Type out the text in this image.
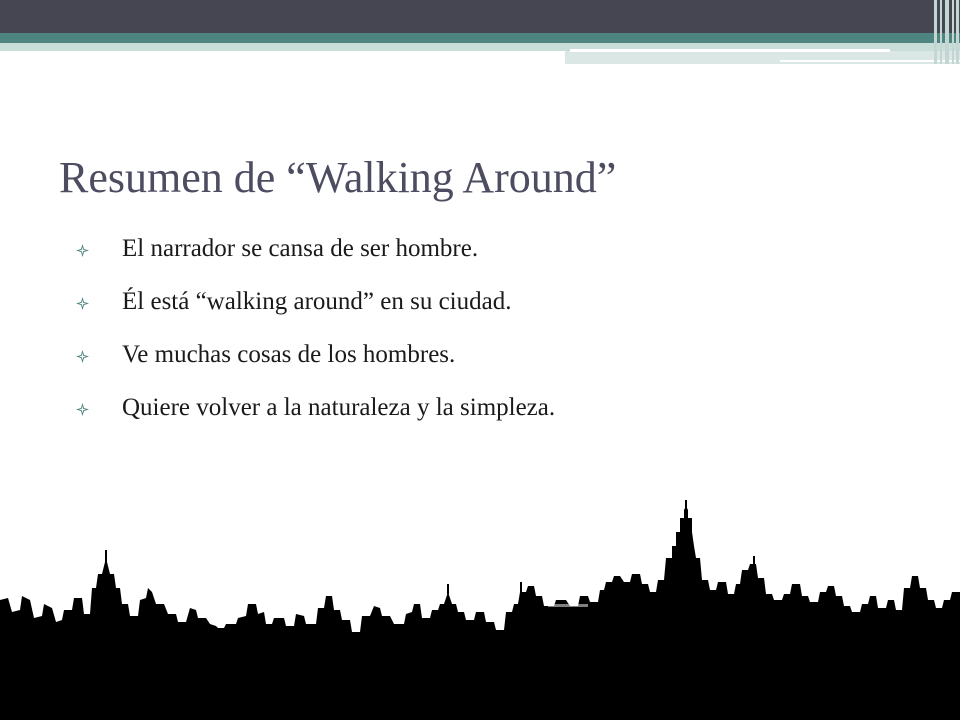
Resumen de “Walking Around”
El narrador se cansa de ser hombre.
Él está “walking around” en su ciudad.
Ve muchas cosas de los hombres.
Quiere volver a la naturaleza y la simpleza.
